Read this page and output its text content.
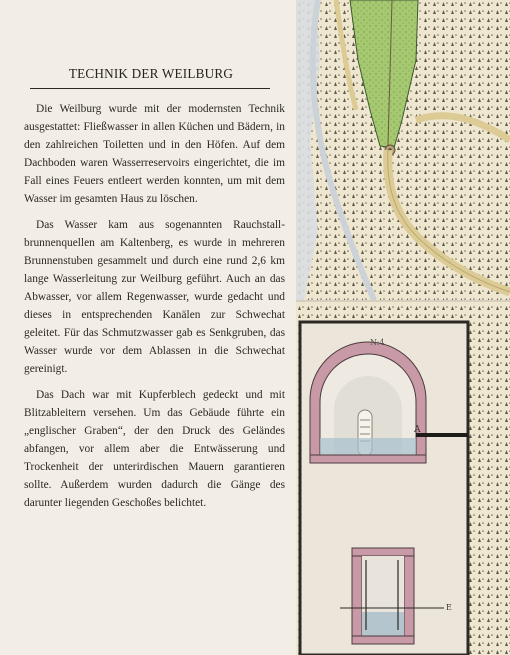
TECHNIK DER WEILBURG

Die Weilburg wurde mit der modernsten Technik ausgestattet: Fließwasser in allen Küchen und Bädern, in den zahlreichen Toiletten und in den Höfen. Auf dem Dachboden waren Wasserreservoirs eingerichtet, die im Fall eines Feuers entleert werden konnten, um mit dem Wasser im gesamten Haus zu löschen.

Das Wasser kam aus sogenannten Rauchstallbrunnenquellen am Kaltenberg, es wurde in mehreren Brunnenstuben gesammelt und durch eine rund 2,6 km lange Wasserleitung zur Weilburg geführt. Auch an das Abwasser, vor allem Regenwasser, wurde gedacht und dieses in entsprechenden Kanälen zur Schwechat geleitet. Für das Schmutzwasser gab es Senkgruben, das Wasser wurde vor dem Ablassen in die Schwechat gereinigt.

Das Dach war mit Kupferblech gedeckt und mit Blitzableitern versehen. Um das Gebäude führte ein „englischer Graben“, der den Druck des Geländes abfangen, vor allem aber die Entwässerung und Trockenheit der unterirdischen Mauern garantieren sollte. Außerdem wurden dadurch die Gänge des darunter liegenden Geschoßes belichtet.

A
N:4
E
